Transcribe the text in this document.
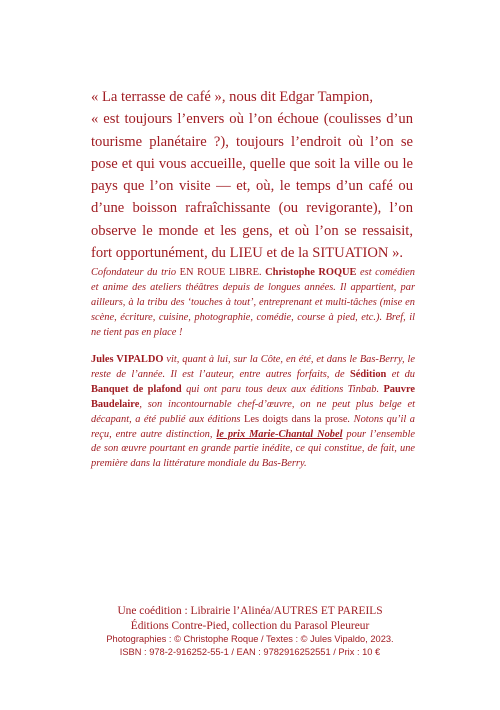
« La terrasse de café », nous dit Edgar Tampion,

« est toujours l’envers où l’on échoue (coulisses d’un tourisme planétaire ?), toujours l’endroit où l’on se pose et qui vous accueille, quelle que soit la ville ou le pays que l’on visite — et, où, le temps d’un café ou d’une boisson rafraîchissante (ou revigorante), l’on observe le monde et les gens, et où l’on se ressaisit, fort opportunément, du LIEU et de la SITUATION ».

Cofondateur du trio EN ROUE LIBRE. Christophe ROQUE est comédien et anime des ateliers théâtres depuis de longues années. Il appartient, par ailleurs, à la tribu des ‘touches à tout’, entreprenant et multi-tâches (mise en scène, écriture, cuisine, photographie, comédie, course à pied, etc.). Bref, il ne tient pas en place !

Jules VIPALDO vit, quant à lui, sur la Côte, en été, et dans le Bas-Berry, le reste de l’année. Il est l’auteur, entre autres forfaits, de Sédition et du Banquet de plafond qui ont paru tous deux aux éditions Tinbab. Pauvre Baudelaire, son incontournable chef-d’œuvre, on ne peut plus belge et décapant, a été publié aux éditions Les doigts dans la prose. Notons qu’il a reçu, entre autre distinction, le prix Marie-Chantal Nobel pour l’ensemble de son œuvre pourtant en grande partie inédite, ce qui constitue, de fait, une première dans la littérature mondiale du Bas-Berry.

Une coédition : Librairie l’Alinéa/AUTRES ET PAREILS
Éditions Contre-Pied, collection du Parasol Pleureur
Photographies : © Christophe Roque / Textes : © Jules Vipaldo, 2023.
ISBN : 978-2-916252-55-1 / EAN : 9782916252551 / Prix : 10 €
